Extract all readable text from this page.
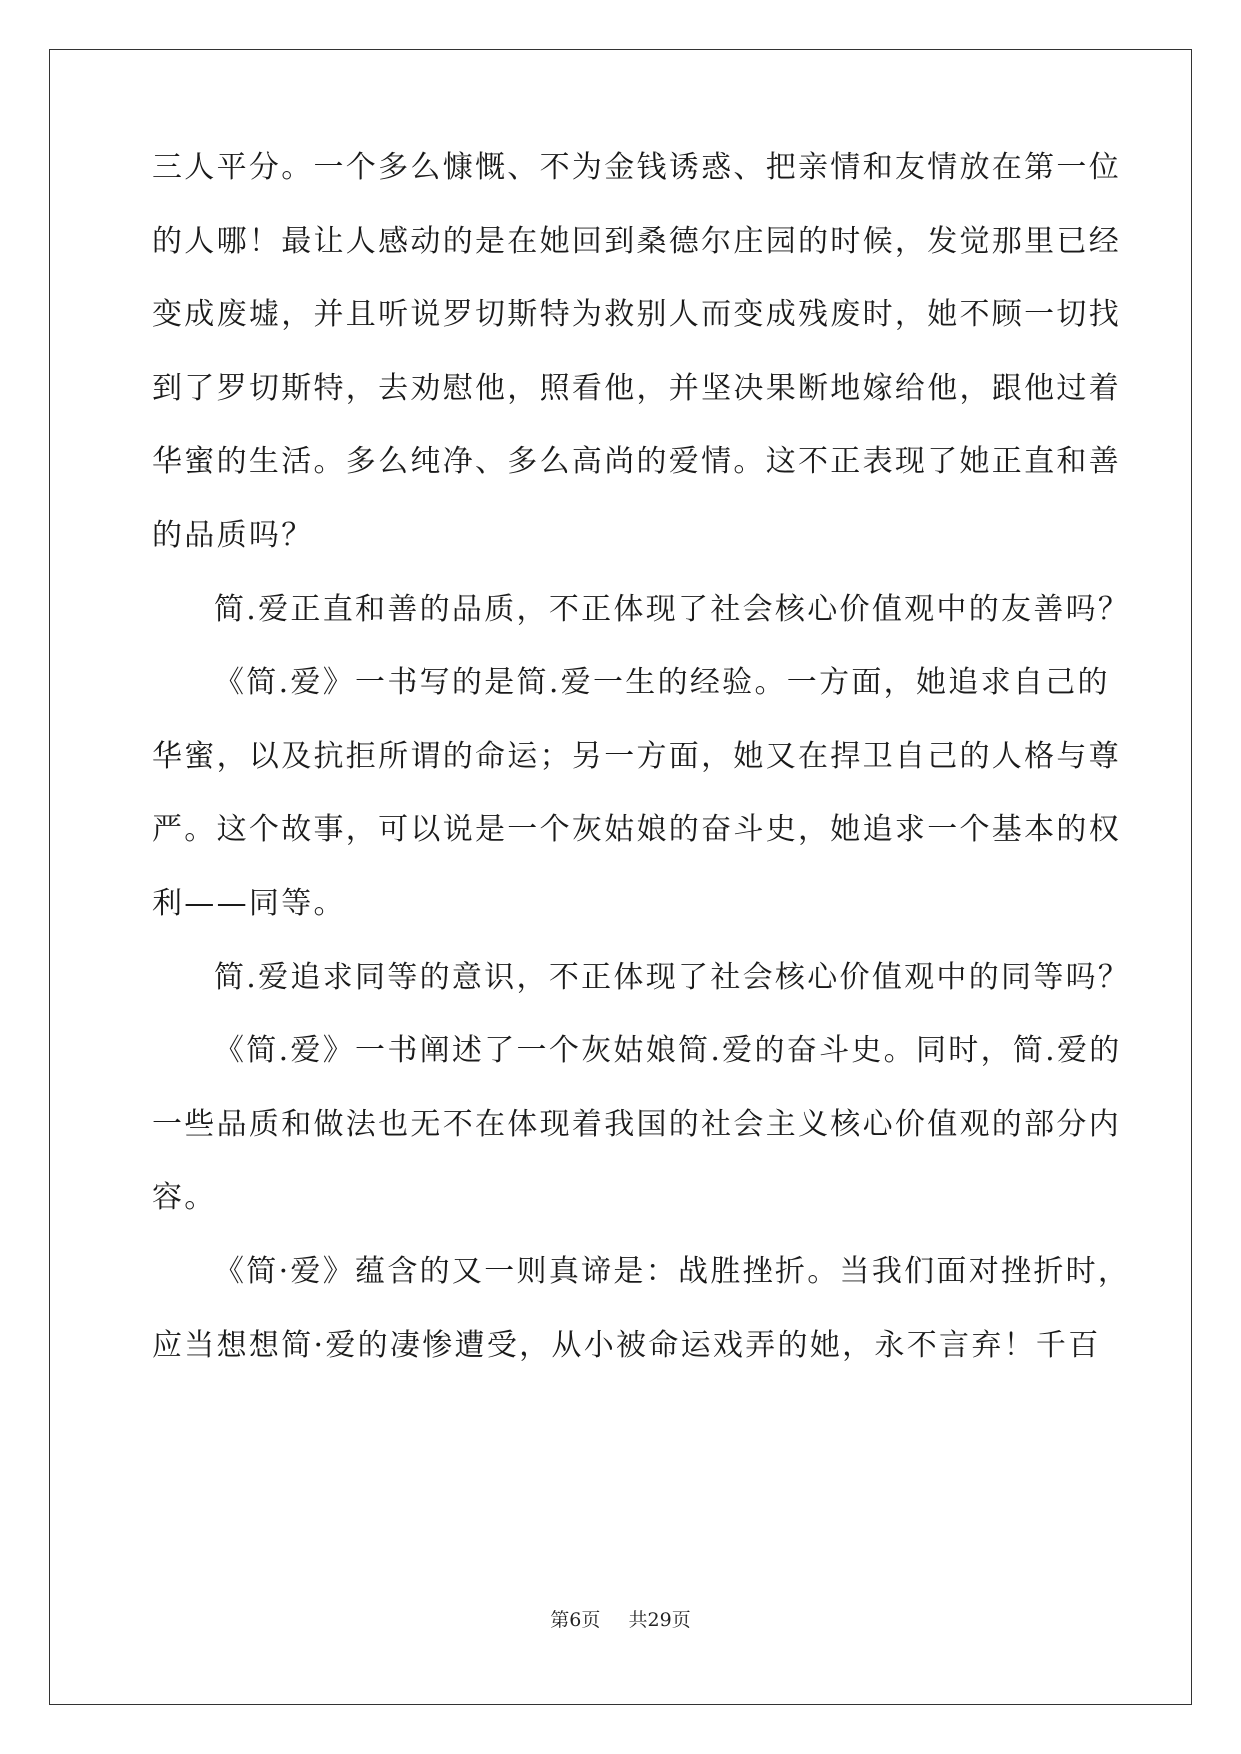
三人平分。一个多么慷慨、不为金钱诱惑、把亲情和友情放在第一位
的人哪！最让人感动的是在她回到桑德尔庄园的时候，发觉那里已经
变成废墟，并且听说罗切斯特为救别人而变成残废时，她不顾一切找
到了罗切斯特，去劝慰他，照看他，并坚决果断地嫁给他，跟他过着
华蜜的生活。多么纯净、多么高尚的爱情。这不正表现了她正直和善
的品质吗？
简.爱正直和善的品质，不正体现了社会核心价值观中的友善吗？
《简.爱》一书写的是简.爱一生的经验。一方面，她追求自己的
华蜜，以及抗拒所谓的命运；另一方面，她又在捍卫自己的人格与尊
严。这个故事，可以说是一个灰姑娘的奋斗史，她追求一个基本的权
利——同等。
简.爱追求同等的意识，不正体现了社会核心价值观中的同等吗？
《简.爱》一书阐述了一个灰姑娘简.爱的奋斗史。同时，简.爱的
一些品质和做法也无不在体现着我国的社会主义核心价值观的部分内
容。
《简·爱》蕴含的又一则真谛是：战胜挫折。当我们面对挫折时，
应当想想简·爱的凄惨遭受，从小被命运戏弄的她，永不言弃！千百
第6页 共29页
